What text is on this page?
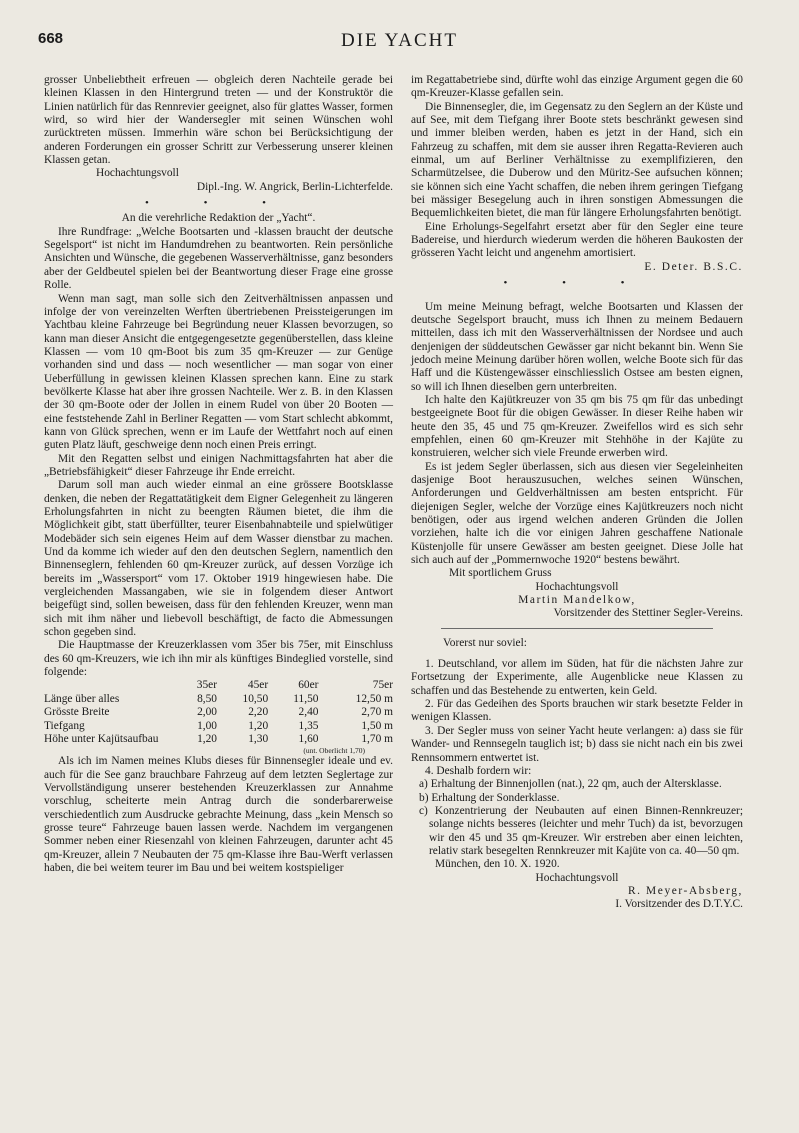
668	DIE YACHT

grosser Unbeliebtheit erfreuen — obgleich deren Nachteile gerade bei kleinen Klassen in den Hintergrund treten — und der Konstruktör die Linien natürlich für das Rennrevier geeignet, also für glattes Wasser, formen wird, so wird hier der Wandersegler mit seinen Wünschen wohl zurücktreten müssen. Immerhin wäre schon bei Berücksichtigung der anderen Forderungen ein grosser Schritt zur Verbesserung unserer kleinen Klassen getan.

Hochachtungsvoll

Dipl.-Ing. W. Angrick, Berlin-Lichterfelde.

• • •

An die verehrliche Redaktion der „Yacht“.

Ihre Rundfrage: „Welche Bootsarten und -klassen braucht der deutsche Segelsport“ ist nicht im Handumdrehen zu beantworten. Rein persönliche Ansichten und Wünsche, die gegebenen Wasserverhältnisse, ganz besonders aber der Geldbeutel spielen bei der Beantwortung dieser Frage eine grosse Rolle.

Wenn man sagt, man solle sich den Zeitverhältnissen anpassen und infolge der von vereinzelten Werften übertriebenen Preissteigerungen im Yachtbau kleine Fahrzeuge bei Begründung neuer Klassen bevorzugen, so kann man dieser Ansicht die entgegengesetzte gegenüberstellen, dass kleine Klassen — vom 10 qm-Boot bis zum 35 qm-Kreuzer — zur Genüge vorhanden sind und dass — noch wesentlicher — man sogar von einer Ueberfüllung in gewissen kleinen Klassen sprechen kann. Eine zu stark bevölkerte Klasse hat aber ihre grossen Nachteile. Wer z. B. in den Klassen der 30 qm-Boote oder der Jollen in einem Rudel von über 20 Booten — eine feststehende Zahl in Berliner Regatten — vom Start schlecht abkommt, kann von Glück sprechen, wenn er im Laufe der Wettfahrt noch auf einen guten Platz läuft, geschweige denn noch einen Preis erringt.

Mit den Regatten selbst und einigen Nachmittagsfahrten hat aber die „Betriebsfähigkeit“ dieser Fahrzeuge ihr Ende erreicht.

Darum soll man auch wieder einmal an eine grössere Bootsklasse denken, die neben der Regattatätigkeit dem Eigner Gelegenheit zu längeren Erholungsfahrten in nicht zu beengten Räumen bietet, die ihm die Möglichkeit gibt, statt überfüllter, teurer Eisenbahnabteile und spielwütiger Modebäder sich sein eigenes Heim auf dem Wasser dienstbar zu machen. Und da komme ich wieder auf den den deutschen Seglern, namentlich den Binnenseglern, fehlenden 60 qm-Kreuzer zurück, auf dessen Vorzüge ich bereits im „Wassersport“ vom 17. Oktober 1919 hingewiesen habe. Die vergleichenden Massangaben, wie sie in folgendem dieser Antwort beigefügt sind, sollen beweisen, dass für den fehlenden Kreuzer, wenn man sich mit ihm näher und liebevoll beschäftigt, de facto die Abmessungen schon gegeben sind.

Die Hauptmasse der Kreuzerklassen vom 35er bis 75er, mit Einschluss des 60 qm-Kreuzers, wie ich ihn mir als künftiges Bindeglied vorstelle, sind folgende:

	35er	45er	60er	75er
Länge über alles	8,50	10,50	11,50	12,50 m
Grösste Breite	2,00	2,20	2,40	2,70 m
Tiefgang	1,00	1,20	1,35	1,50 m
Höhe unter Kajütsaufbau	1,20	1,30	1,60	1,70 m
(unt. Oberlicht 1,70)

Als ich im Namen meines Klubs dieses für Binnensegler ideale und ev. auch für die See ganz brauchbare Fahrzeug auf dem letzten Seglertage zur Vervollständigung unserer bestehenden Kreuzerklassen zur Annahme vorschlug, scheiterte mein Antrag durch die sonderbarerweise verschiedentlich zum Ausdrucke gebrachte Meinung, dass „kein Mensch so grosse teure“ Fahrzeuge bauen lassen werde. Nachdem im vergangenen Sommer neben einer Riesenzahl von kleinen Fahrzeugen, darunter acht 45 qm-Kreuzer, allein 7 Neubauten der 75 qm-Klasse ihre Bau-Werft verlassen haben, die bei weitem teurer im Bau und bei weitem kostspieliger

im Regattabetriebe sind, dürfte wohl das einzige Argument gegen die 60 qm-Kreuzer-Klasse gefallen sein.

Die Binnensegler, die, im Gegensatz zu den Seglern an der Küste und auf See, mit dem Tiefgang ihrer Boote stets beschränkt gewesen sind und immer bleiben werden, haben es jetzt in der Hand, sich ein Fahrzeug zu schaffen, mit dem sie ausser ihren Regatta-Revieren auch einmal, um auf Berliner Verhältnisse zu exemplifizieren, den Scharmützelsee, die Duberow und den Müritz-See aufsuchen können; sie können sich eine Yacht schaffen, die neben ihrem geringen Tiefgang bei mässiger Besegelung auch in ihren sonstigen Abmessungen die Bequemlichkeiten bietet, die man für längere Erholungsfahrten benötigt.

Eine Erholungs-Segelfahrt ersetzt aber für den Segler eine teure Badereise, und hierdurch wiederum werden die höheren Baukosten der grösseren Yacht leicht und angenehm amortisiert.

E. Deter. B.S.C.

• • •

Um meine Meinung befragt, welche Bootsarten und Klassen der deutsche Segelsport braucht, muss ich Ihnen zu meinem Bedauern mitteilen, dass ich mit den Wasserverhältnissen der Nordsee und auch denjenigen der süddeutschen Gewässer gar nicht bekannt bin. Wenn Sie jedoch meine Meinung darüber hören wollen, welche Boote sich für das Haff und die Küstengewässer einschliesslich Ostsee am besten eignen, so will ich Ihnen dieselben gern unterbreiten.

Ich halte den Kajütkreuzer von 35 qm bis 75 qm für das unbedingt bestgeeignete Boot für die obigen Gewässer. In dieser Reihe haben wir heute den 35, 45 und 75 qm-Kreuzer. Zweifellos wird es sich sehr empfehlen, einen 60 qm-Kreuzer mit Stehhöhe in der Kajüte zu konstruieren, welcher sich viele Freunde erwerben wird.

Es ist jedem Segler überlassen, sich aus diesen vier Segeleinheiten dasjenige Boot herauszusuchen, welches seinen Wünschen, Anforderungen und Geldverhältnissen am besten entspricht. Für diejenigen Segler, welche der Vorzüge eines Kajütkreuzers noch nicht benötigen, oder aus irgend welchen anderen Gründen die Jollen vorziehen, halte ich die vor einigen Jahren geschaffene Nationale Küstenjolle für unsere Gewässer am besten geeignet. Diese Jolle hat sich auch auf der „Pommernwoche 1920“ bestens bewährt.

Mit sportlichem Gruss

Hochachtungsvoll

Martin Mandelkow,

Vorsitzender des Stettiner Segler-Vereins.

Vorerst nur soviel:

1. Deutschland, vor allem im Süden, hat für die nächsten Jahre zur Fortsetzung der Experimente, alle Augenblicke neue Klassen zu schaffen und das Bestehende zu entwerten, kein Geld.

2. Für das Gedeihen des Sports brauchen wir stark besetzte Felder in wenigen Klassen.

3. Der Segler muss von seiner Yacht heute verlangen: a) dass sie für Wander- und Rennsegeln tauglich ist; b) dass sie nicht nach ein bis zwei Rennsommern entwertet ist.

4. Deshalb fordern wir:

a) Erhaltung der Binnenjollen (nat.), 22 qm, auch der Altersklasse.

b) Erhaltung der Sonderklasse.

c) Konzentrierung der Neubauten auf einen Binnen-Rennkreuzer; solange nichts besseres (leichter und mehr Tuch) da ist, bevorzugen wir den 45 und 35 qm-Kreuzer. Wir erstreben aber einen leichten, relativ stark besegelten Rennkreuzer mit Kajüte von ca. 40—50 qm.

München, den 10. X. 1920.

Hochachtungsvoll

R. Meyer-Absberg,

I. Vorsitzender des D.T.Y.C.
